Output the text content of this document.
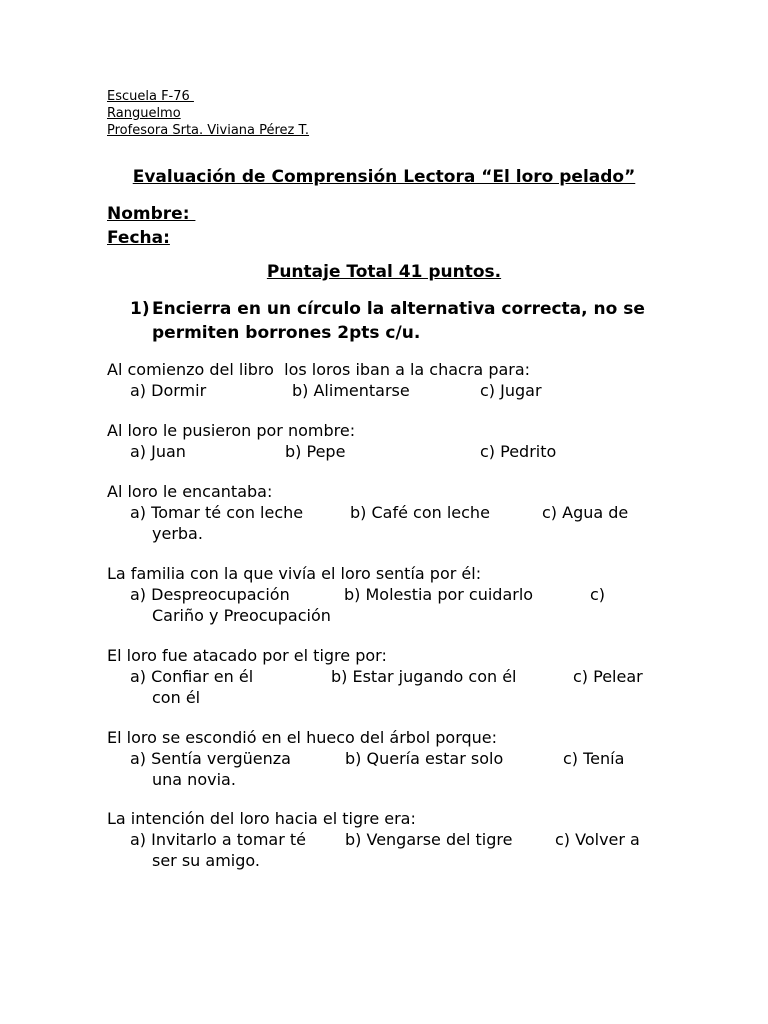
Escuela F-76
Ranguelmo
Profesora Srta. Viviana Pérez T.
Evaluación de Comprensión Lectora “El loro pelado”
Nombre:
Fecha:
Puntaje Total 41 puntos.
1) Encierra en un círculo la alternativa correcta, no se permiten borrones 2pts c/u.
Al comienzo del libro  los loros iban a la chacra para:
a) Dormir	b) Alimentarse	c) Jugar
Al loro le pusieron por nombre:
a) Juan	b) Pepe	c) Pedrito
Al loro le encantaba:
a) Tomar té con leche	b) Café con leche	c) Agua de
yerba.
La familia con la que vivía el loro sentía por él:
a) Despreocupación	b) Molestia por cuidarlo	c)
Cariño y Preocupación
El loro fue atacado por el tigre por:
a) Confiar en él	b) Estar jugando con él	c) Pelear
con él
El loro se escondió en el hueco del árbol porque:
a) Sentía vergüenza	b) Quería estar solo	c) Tenía
una novia.
La intención del loro hacia el tigre era:
a) Invitarlo a tomar té b) Vengarse del tigre	c) Volver a
ser su amigo.
